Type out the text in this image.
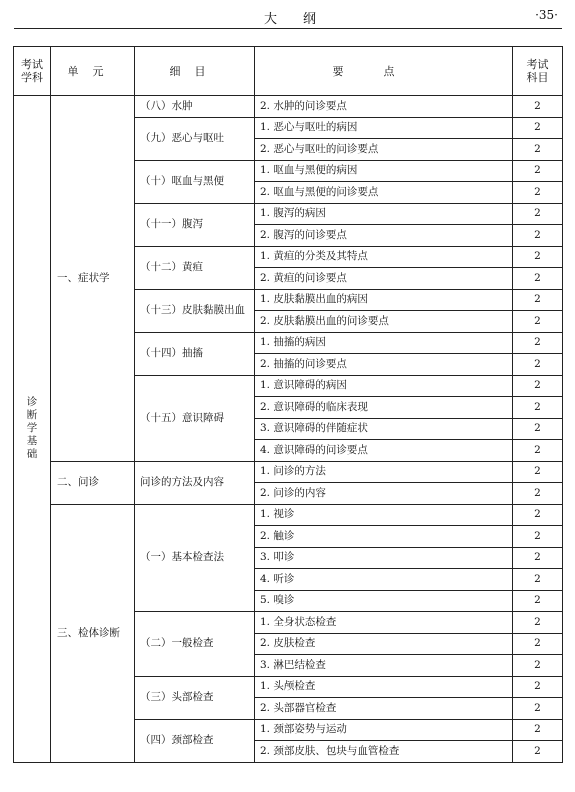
大纲	·35·
考试学科	单元	细目	要点	考试科目
诊断学基础	一、症状学	（八）水肿	2. 水肿的问诊要点	2
		（九）恶心与呕吐	1. 恶心与呕吐的病因	2
			2. 恶心与呕吐的问诊要点	2
		（十）呕血与黑便	1. 呕血与黑便的病因	2
			2. 呕血与黑便的问诊要点	2
		（十一）腹泻	1. 腹泻的病因	2
			2. 腹泻的问诊要点	2
		（十二）黄疸	1. 黄疸的分类及其特点	2
			2. 黄疸的问诊要点	2
		（十三）皮肤黏膜出血	1. 皮肤黏膜出血的病因	2
			2. 皮肤黏膜出血的问诊要点	2
		（十四）抽搐	1. 抽搐的病因	2
			2. 抽搐的问诊要点	2
		（十五）意识障碍	1. 意识障碍的病因	2
			2. 意识障碍的临床表现	2
			3. 意识障碍的伴随症状	2
			4. 意识障碍的问诊要点	2
	二、问诊	问诊的方法及内容	1. 问诊的方法	2
			2. 问诊的内容	2
	三、检体诊断	（一）基本检查法	1. 视诊	2
			2. 触诊	2
			3. 叩诊	2
			4. 听诊	2
			5. 嗅诊	2
		（二）一般检查	1. 全身状态检查	2
			2. 皮肤检查	2
			3. 淋巴结检查	2
		（三）头部检查	1. 头颅检查	2
			2. 头部器官检查	2
		（四）颈部检查	1. 颈部姿势与运动	2
			2. 颈部皮肤、包块与血管检查	2
